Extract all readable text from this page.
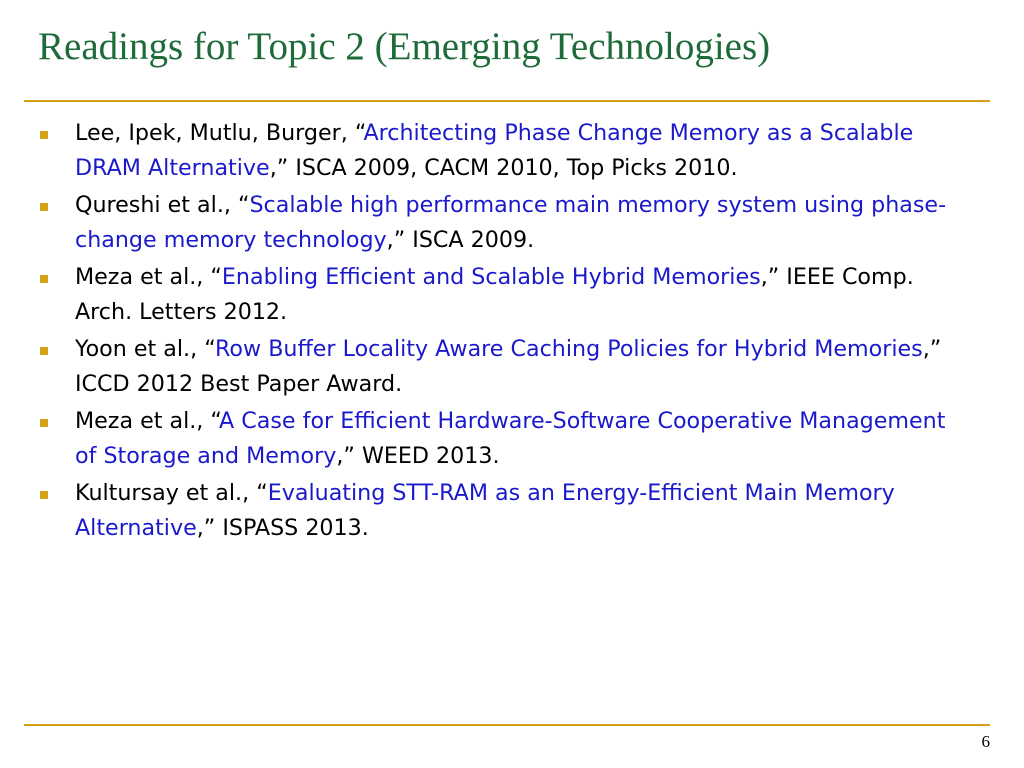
Readings for Topic 2 (Emerging Technologies)
Lee, Ipek, Mutlu, Burger, “Architecting Phase Change Memory as a Scalable DRAM Alternative,” ISCA 2009, CACM 2010, Top Picks 2010.
Qureshi et al., “Scalable high performance main memory system using phase-change memory technology,” ISCA 2009.
Meza et al., “Enabling Efficient and Scalable Hybrid Memories,” IEEE Comp. Arch. Letters 2012.
Yoon et al., “Row Buffer Locality Aware Caching Policies for Hybrid Memories,” ICCD 2012 Best Paper Award.
Meza et al., “A Case for Efficient Hardware-Software Cooperative Management of Storage and Memory,” WEED 2013.
Kultursay et al., “Evaluating STT-RAM as an Energy-Efficient Main Memory Alternative,” ISPASS 2013.
6
